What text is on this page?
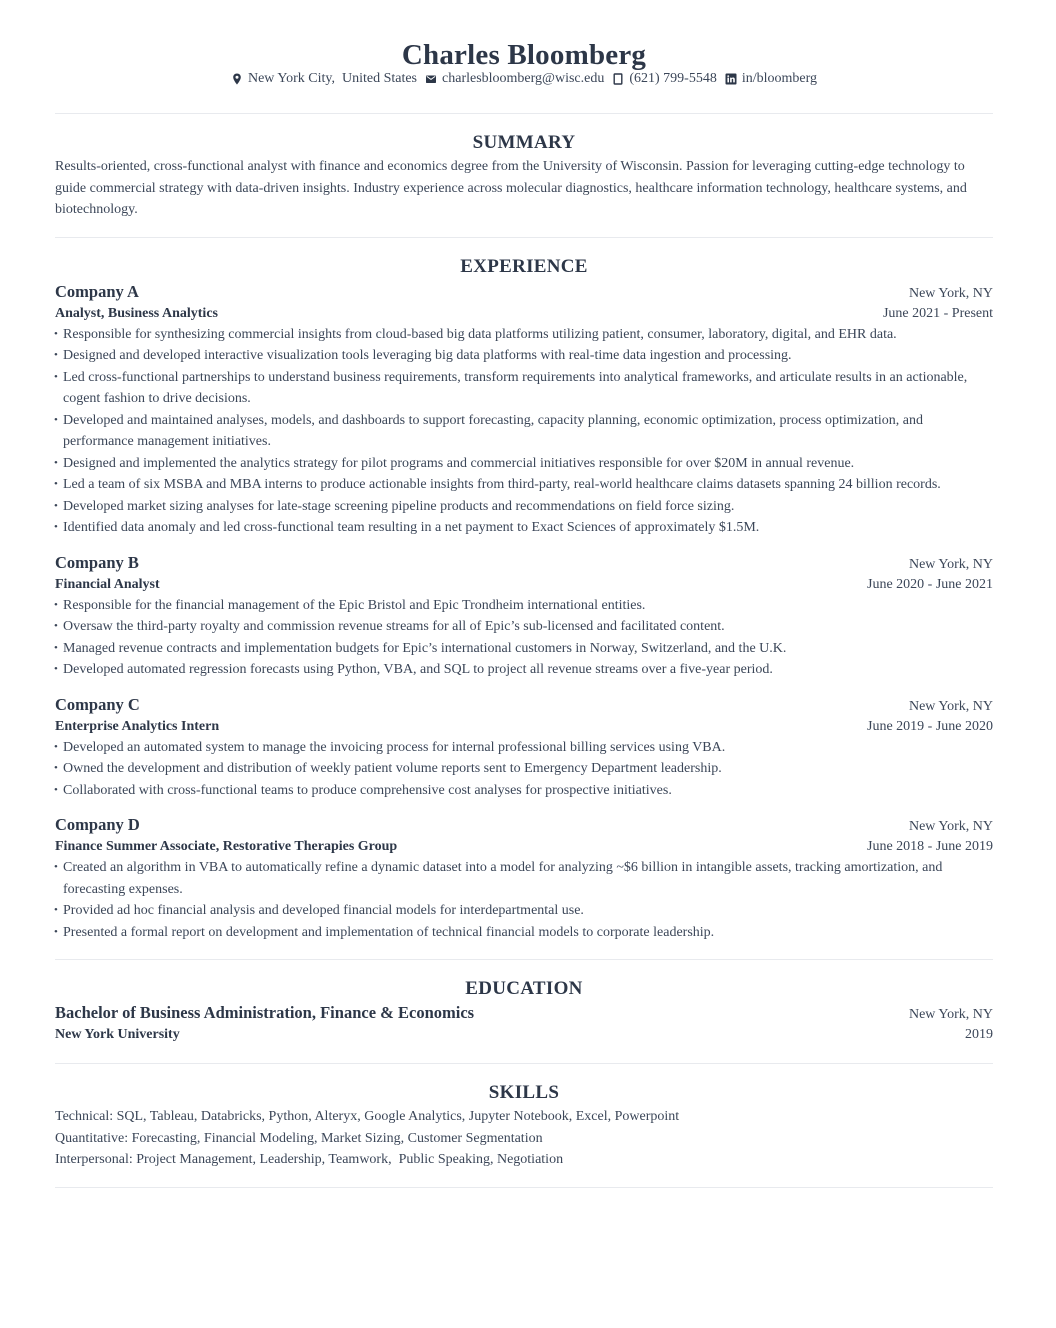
Charles Bloomberg
New York City,  United States charlesbloomberg@wisc.edu (621) 799-5548 in/bloomberg
SUMMARY
Results-oriented, cross-functional analyst with finance and economics degree from the University of Wisconsin. Passion for leveraging cutting-edge technology to guide commercial strategy with data-driven insights. Industry experience across molecular diagnostics, healthcare information technology, healthcare systems, and biotechnology.
EXPERIENCE
Company A	New York, NY
Analyst, Business Analytics	June 2021 - Present
• Responsible for synthesizing commercial insights from cloud-based big data platforms utilizing patient, consumer, laboratory, digital, and EHR data.
• Designed and developed interactive visualization tools leveraging big data platforms with real-time data ingestion and processing.
• Led cross-functional partnerships to understand business requirements, transform requirements into analytical frameworks, and articulate results in an actionable, cogent fashion to drive decisions.
• Developed and maintained analyses, models, and dashboards to support forecasting, capacity planning, economic optimization, process optimization, and performance management initiatives.
• Designed and implemented the analytics strategy for pilot programs and commercial initiatives responsible for over $20M in annual revenue.
• Led a team of six MSBA and MBA interns to produce actionable insights from third-party, real-world healthcare claims datasets spanning 24 billion records.
• Developed market sizing analyses for late-stage screening pipeline products and recommendations on field force sizing.
• Identified data anomaly and led cross-functional team resulting in a net payment to Exact Sciences of approximately $1.5M.
Company B	New York, NY
Financial Analyst	June 2020 - June 2021
• Responsible for the financial management of the Epic Bristol and Epic Trondheim international entities.
• Oversaw the third-party royalty and commission revenue streams for all of Epic’s sub-licensed and facilitated content.
• Managed revenue contracts and implementation budgets for Epic’s international customers in Norway, Switzerland, and the U.K.
• Developed automated regression forecasts using Python, VBA, and SQL to project all revenue streams over a five-year period.
Company C	New York, NY
Enterprise Analytics Intern	June 2019 - June 2020
• Developed an automated system to manage the invoicing process for internal professional billing services using VBA.
• Owned the development and distribution of weekly patient volume reports sent to Emergency Department leadership.
• Collaborated with cross-functional teams to produce comprehensive cost analyses for prospective initiatives.
Company D	New York, NY
Finance Summer Associate, Restorative Therapies Group	June 2018 - June 2019
• Created an algorithm in VBA to automatically refine a dynamic dataset into a model for analyzing ~$6 billion in intangible assets, tracking amortization, and forecasting expenses.
• Provided ad hoc financial analysis and developed financial models for interdepartmental use.
• Presented a formal report on development and implementation of technical financial models to corporate leadership.
EDUCATION
Bachelor of Business Administration, Finance & Economics	New York, NY
New York University	2019
SKILLS
Technical: SQL, Tableau, Databricks, Python, Alteryx, Google Analytics, Jupyter Notebook, Excel, Powerpoint
Quantitative: Forecasting, Financial Modeling, Market Sizing, Customer Segmentation
Interpersonal: Project Management, Leadership, Teamwork,  Public Speaking, Negotiation
